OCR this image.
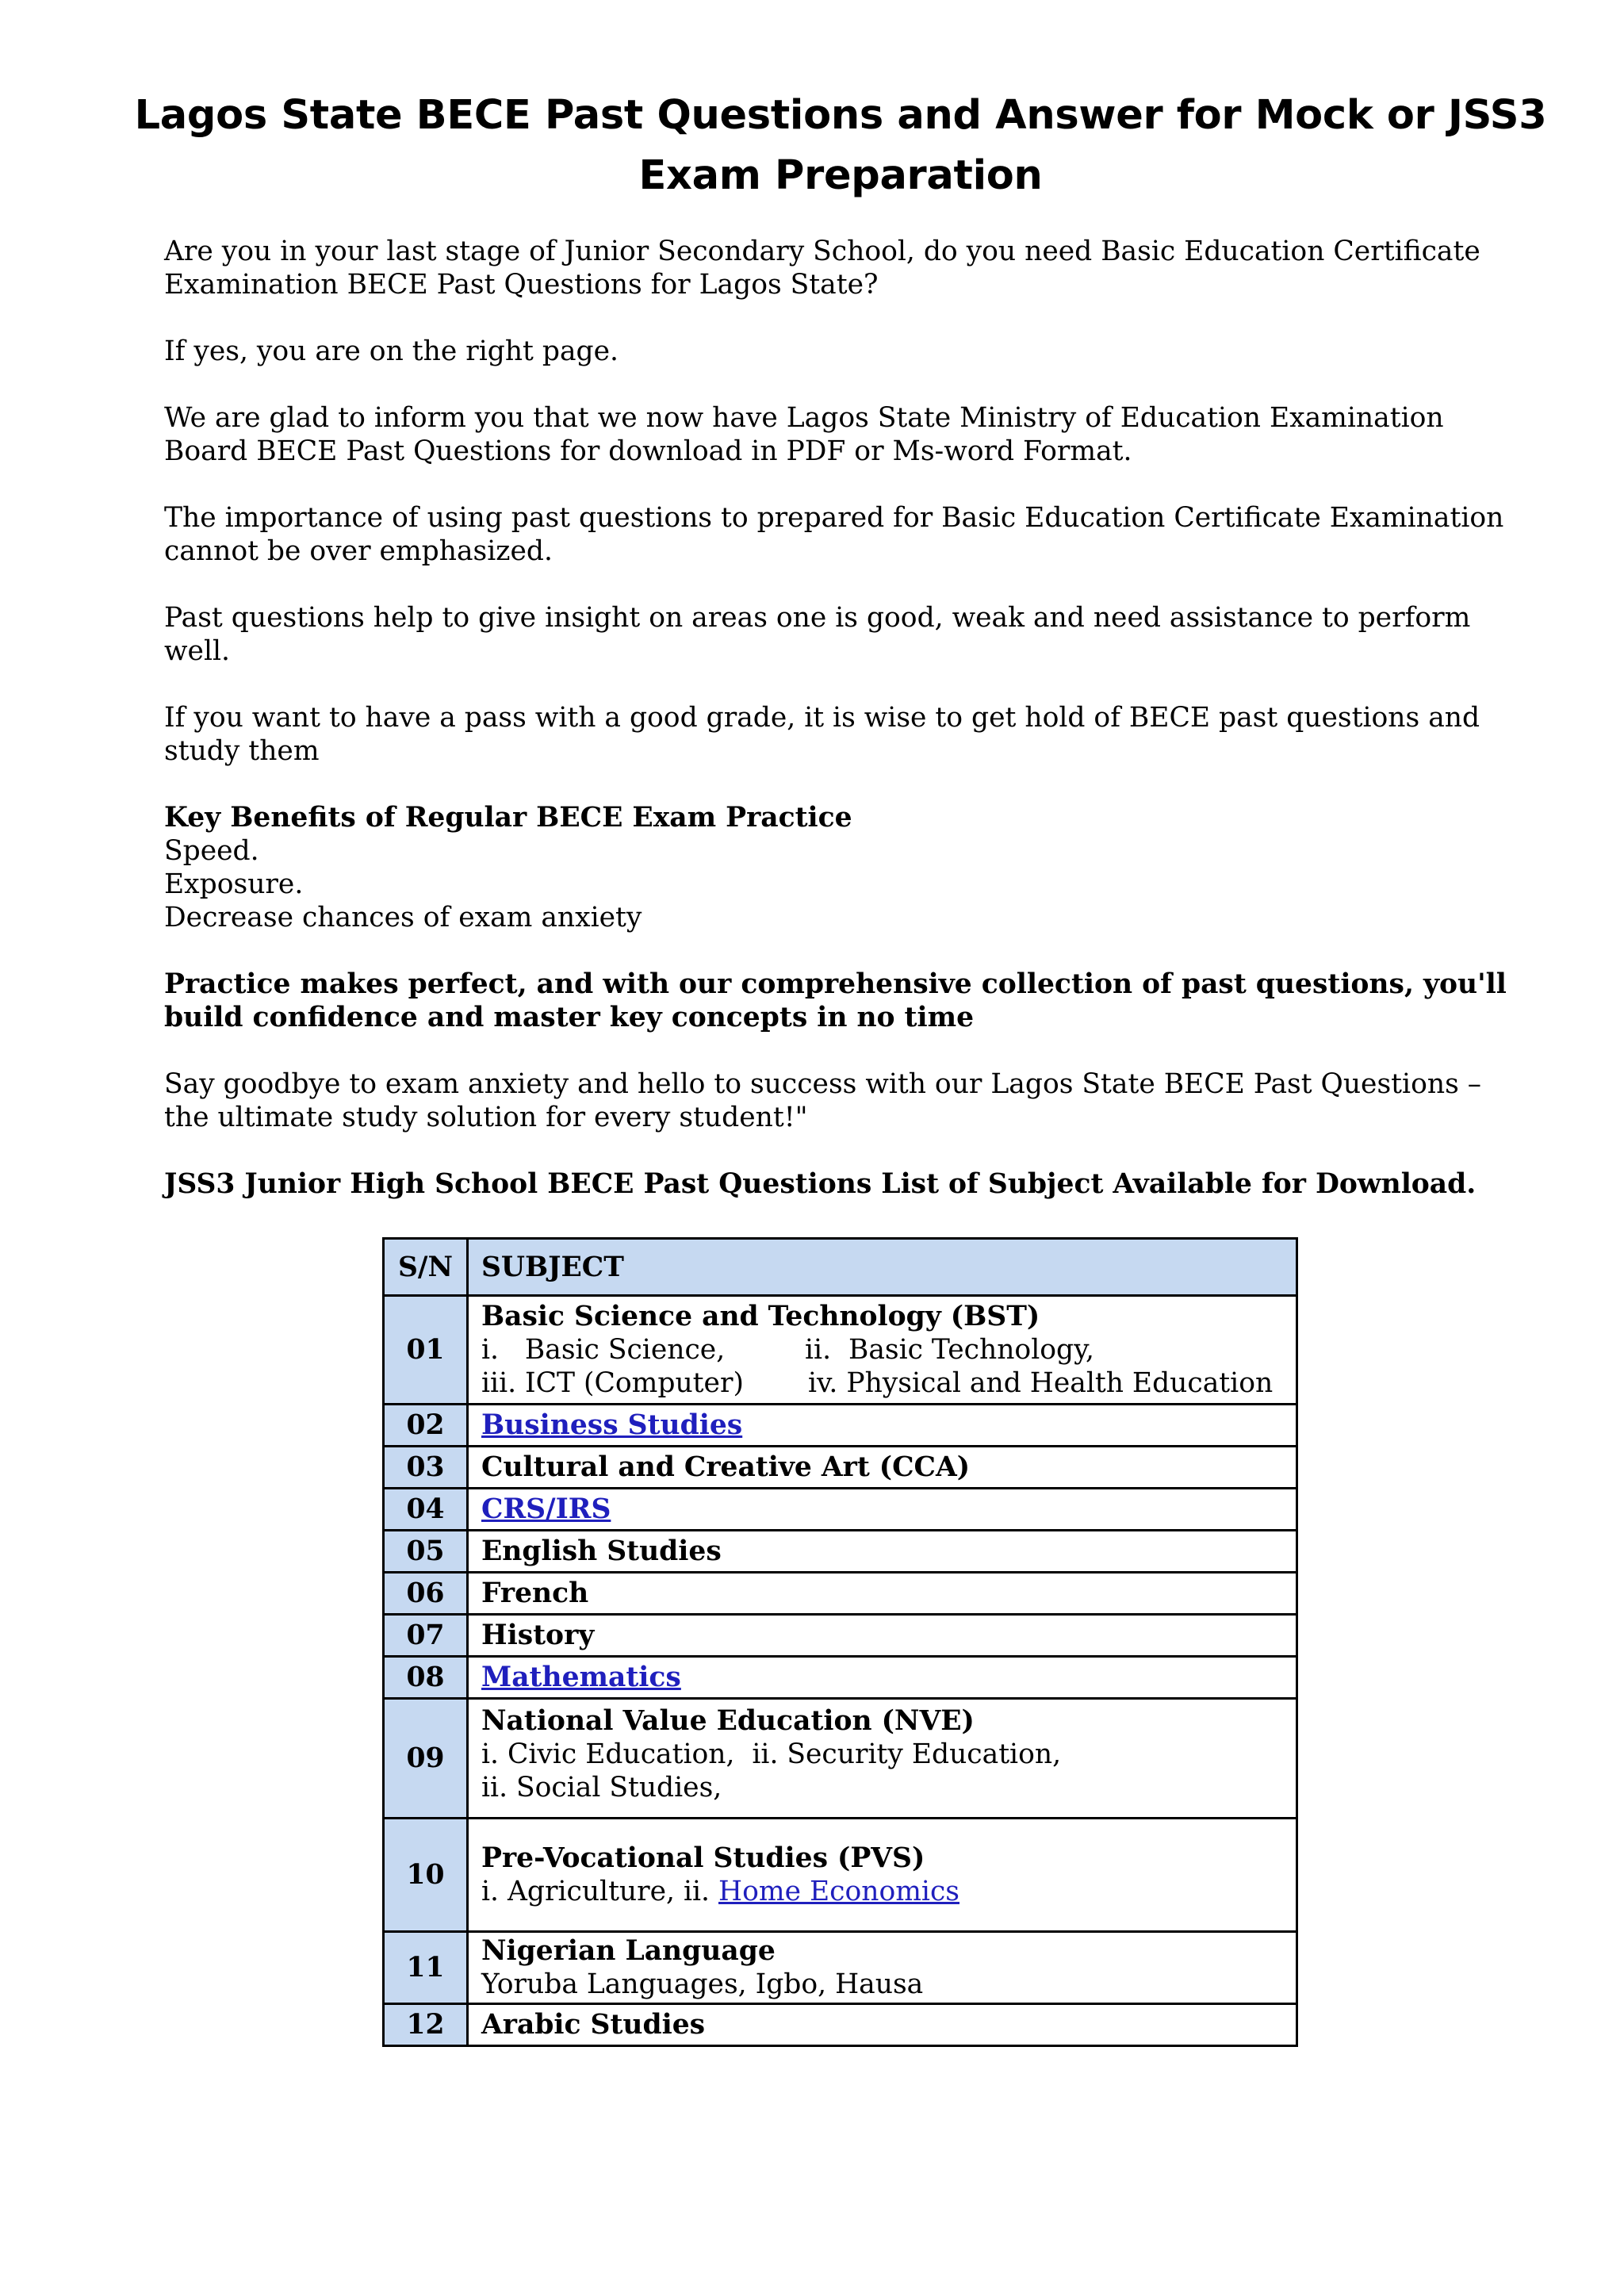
Lagos State BECE Past Questions and Answer for Mock or JSS3 Exam Preparation

Are you in your last stage of Junior Secondary School, do you need Basic Education Certificate Examination BECE Past Questions for Lagos State?

If yes, you are on the right page.

We are glad to inform you that we now have Lagos State Ministry of Education Examination Board BECE Past Questions for download in PDF or Ms-word Format.

The importance of using past questions to prepared for Basic Education Certificate Examination cannot be over emphasized.

Past questions help to give insight on areas one is good, weak and need assistance to perform well.

If you want to have a pass with a good grade, it is wise to get hold of BECE past questions and study them

Key Benefits of Regular BECE Exam Practice

Speed.

Exposure.

Decrease chances of exam anxiety

Practice makes perfect, and with our comprehensive collection of past questions, you'll build confidence and master key concepts in no time

Say goodbye to exam anxiety and hello to success with our Lagos State BECE Past Questions – the ultimate study solution for every student!"

JSS3 Junior High School BECE Past Questions List of Subject Available for Download.

S/N	SUBJECT
01	Basic Science and Technology (BST)
i.   Basic Science, ii.  Basic Technology,
iii. ICT (Computer) iv. Physical and Health Education

02	Business Studies

03	Cultural and Creative Art (CCA)

04	CRS/IRS

05	English Studies

06	French

07	History

08	Mathematics

09	National Value Education (NVE)
i. Civic Education,  ii. Security Education,
ii. Social Studies,

10	Pre-Vocational Studies (PVS)
i. Agriculture, ii. Home Economics

11	Nigerian Language
Yoruba Languages, Igbo, Hausa

12	Arabic Studies
